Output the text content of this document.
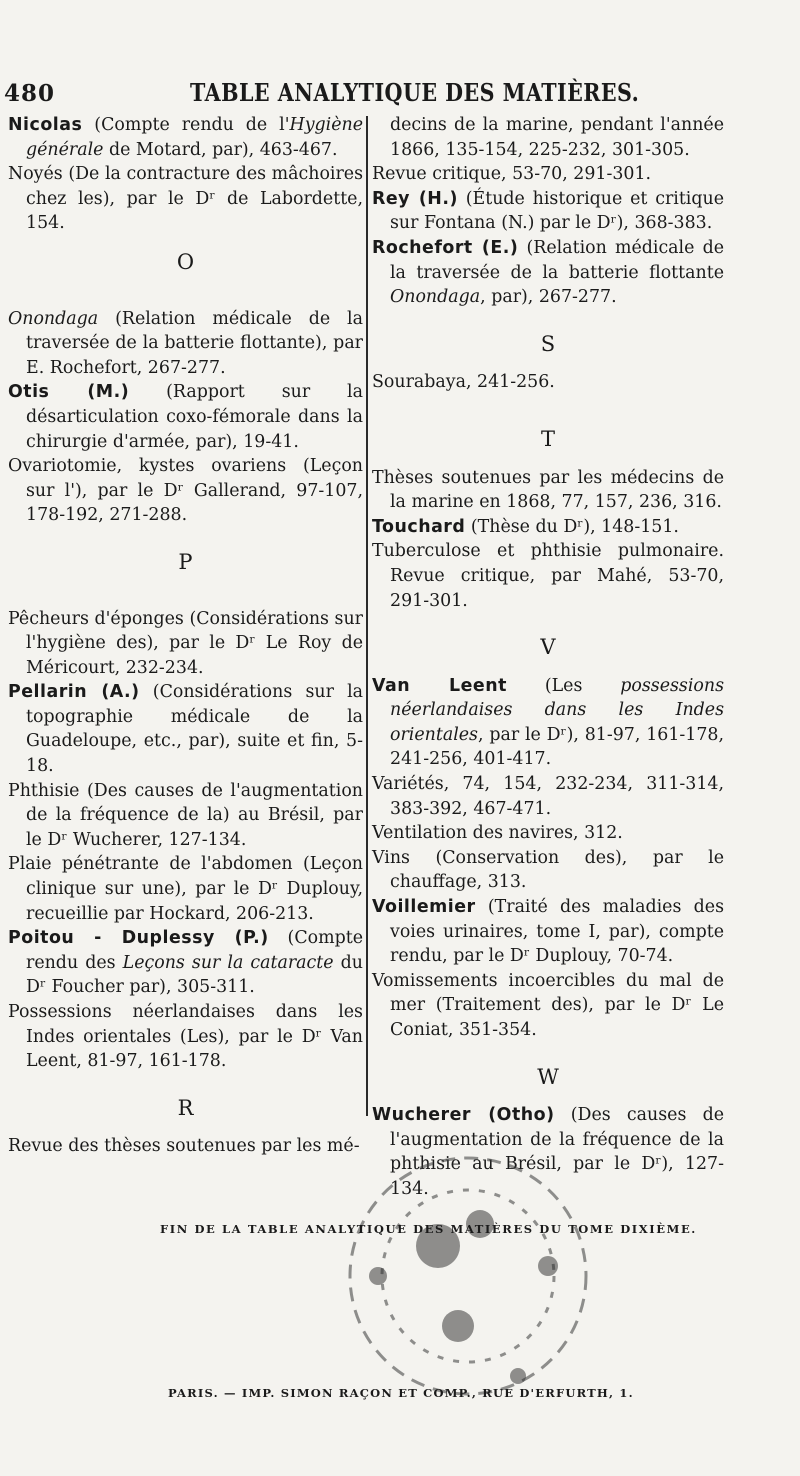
480	TABLE ANALYTIQUE DES MATIÈRES.

Nicolas (Compte rendu de l'Hygiène générale de Motard, par), 463-467.

Noyés (De la contracture des mâchoires chez les), par le Dʳ de Labordette, 154.

O

Onondaga (Relation médicale de la traversée de la batterie flottante), par E. Rochefort, 267-277.

Otis (M.) (Rapport sur la désarticulation coxo-fémorale dans la chirurgie d'armée, par), 19-41.

Ovariotomie, kystes ovariens (Leçon sur l'), par le Dʳ Gallerand, 97-107, 178-192, 271-288.

P

Pêcheurs d'éponges (Considérations sur l'hygiène des), par le Dʳ Le Roy de Méricourt, 232-234.

Pellarin (A.) (Considérations sur la topographie médicale de la Guadeloupe, etc., par), suite et fin, 5-18.

Phthisie (Des causes de l'augmentation de la fréquence de la) au Brésil, par le Dʳ Wucherer, 127-134.

Plaie pénétrante de l'abdomen (Leçon clinique sur une), par le Dʳ Duplouy, recueillie par Hockard, 206-213.

Poitou - Duplessy (P.) (Compte rendu des Leçons sur la cataracte du Dʳ Foucher par), 305-311.

Possessions néerlandaises dans les Indes orientales (Les), par le Dʳ Van Leent, 81-97, 161-178.

R

Revue des thèses soutenues par les mé-

decins de la marine, pendant l'année 1866, 135-154, 225-232, 301-305.

Revue critique, 53-70, 291-301.

Rey (H.) (Étude historique et critique sur Fontana (N.) par le Dʳ), 368-383.

Rochefort (E.) (Relation médicale de la traversée de la batterie flottante Onondaga, par), 267-277.

S

Sourabaya, 241-256.

T

Thèses soutenues par les médecins de la marine en 1868, 77, 157, 236, 316.

Touchard (Thèse du Dʳ), 148-151.

Tuberculose et phthisie pulmonaire. Revue critique, par Mahé, 53-70, 291-301.

V

Van Leent (Les possessions néerlandaises dans les Indes orientales, par le Dʳ), 81-97, 161-178, 241-256, 401-417.

Variétés, 74, 154, 232-234, 311-314, 383-392, 467-471.

Ventilation des navires, 312.

Vins (Conservation des), par le chauffage, 313.

Voillemier (Traité des maladies des voies urinaires, tome I, par), compte rendu, par le Dʳ Duplouy, 70-74.

Vomissements incoercibles du mal de mer (Traitement des), par le Dʳ Le Coniat, 351-354.

W

Wucherer (Otho) (Des causes de l'augmentation de la fréquence de la phthisie au Brésil, par le Dʳ), 127-134.

FIN DE LA TABLE ANALYTIQUE DES MATIÈRES DU TOME DIXIÈME.
PARIS. — IMP. SIMON RAÇON ET COMP., RUE D'ERFURTH, 1.
